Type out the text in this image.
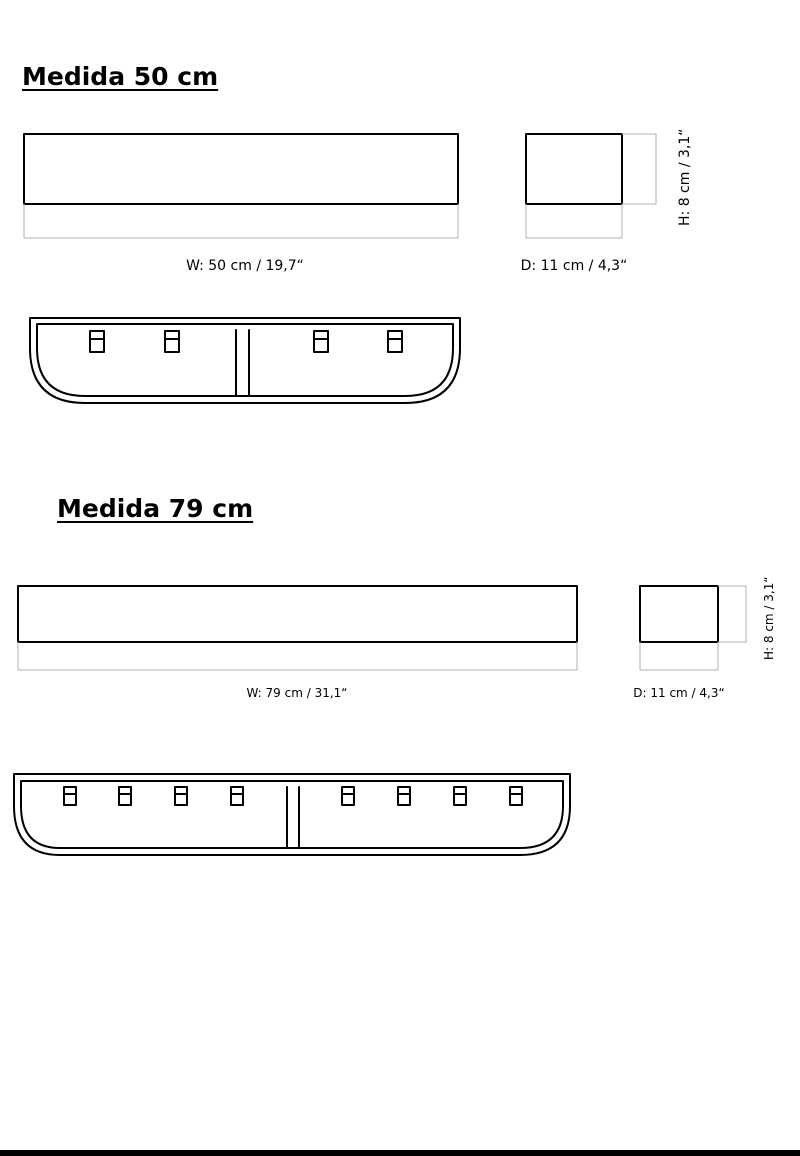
Medida 50 cm
Medida 79 cm
W: 50 cm / 19,7“	D: 11 cm / 4,3“
H: 8 cm / 3,1“
W: 79 cm / 31,1“	D: 11 cm / 4,3“
H: 8 cm / 3,1“
